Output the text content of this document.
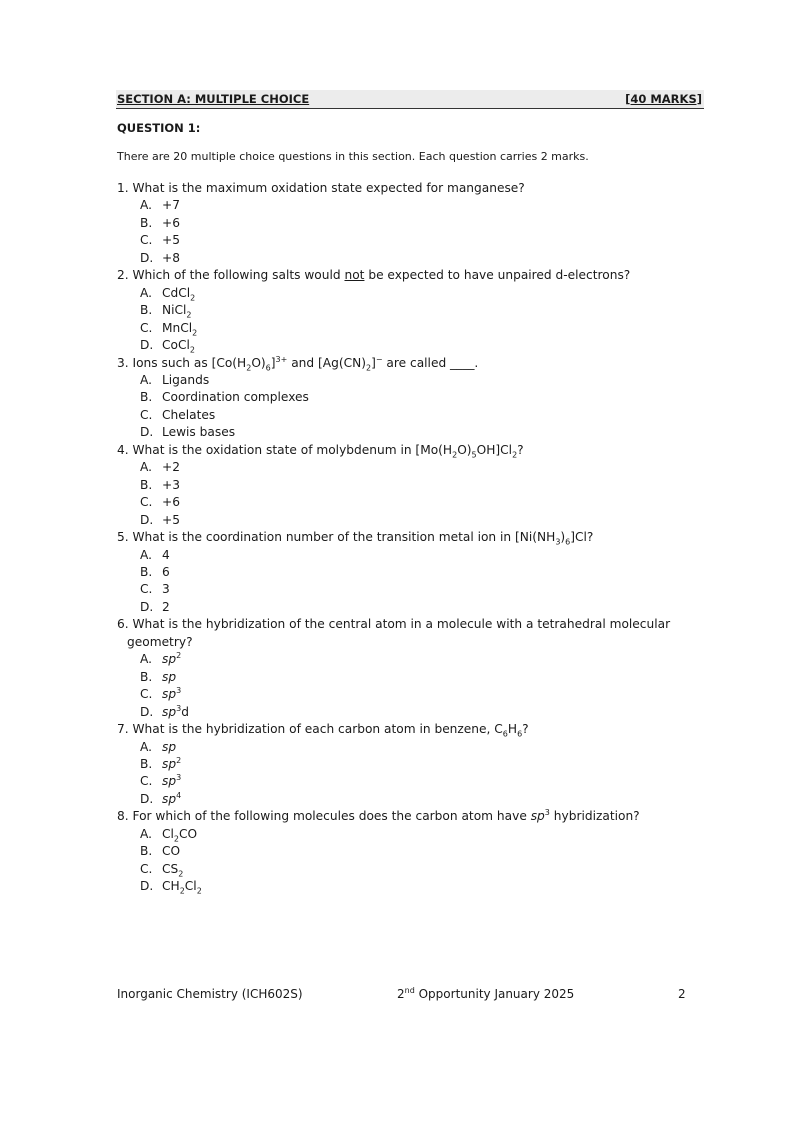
SECTION A: MULTIPLE CHOICE	[40 MARKS]
QUESTION 1:
There are 20 multiple choice questions in this section. Each question carries 2 marks.
1. What is the maximum oxidation state expected for manganese?
A. +7
B. +6
C. +5
D. +8
2. Which of the following salts would not be expected to have unpaired d-electrons?
A. CdCl$_2$
B. NiCl$_2$
C. MnCl$_2$
D. CoCl$_2$
3. Ions such as $[Co(H_2O)_6]^{3+}$ and $[Ag(CN)_2]^-$ are called ____.
A. Ligands
B. Coordination complexes
C. Chelates
D. Lewis bases
4. What is the oxidation state of molybdenum in $[Mo(H_2O)_5OH]Cl_2$?
A. +2
B. +3
C. +6
D. +5
5. What is the coordination number of the transition metal ion in $[Ni(NH_3)_6]Cl$?
A. 4
B. 6
C. 3
D. 2
6. What is the hybridization of the central atom in a molecule with a tetrahedral molecular geometry?
A. $sp^2$
B. sp
C. $sp^3$
D. $sp^3d$
7. What is the hybridization of each carbon atom in benzene, $C_6H_6$?
A. sp
B. $sp^2$
C. $sp^3$
D. $sp^4$
8. For which of the following molecules does the carbon atom have $sp^3$ hybridization?
A. $Cl_2CO$
B. CO
C. $CS_2$
D. $CH_2Cl_2$
Inorganic Chemistry (ICH602S)	2nd Opportunity January 2025	2
